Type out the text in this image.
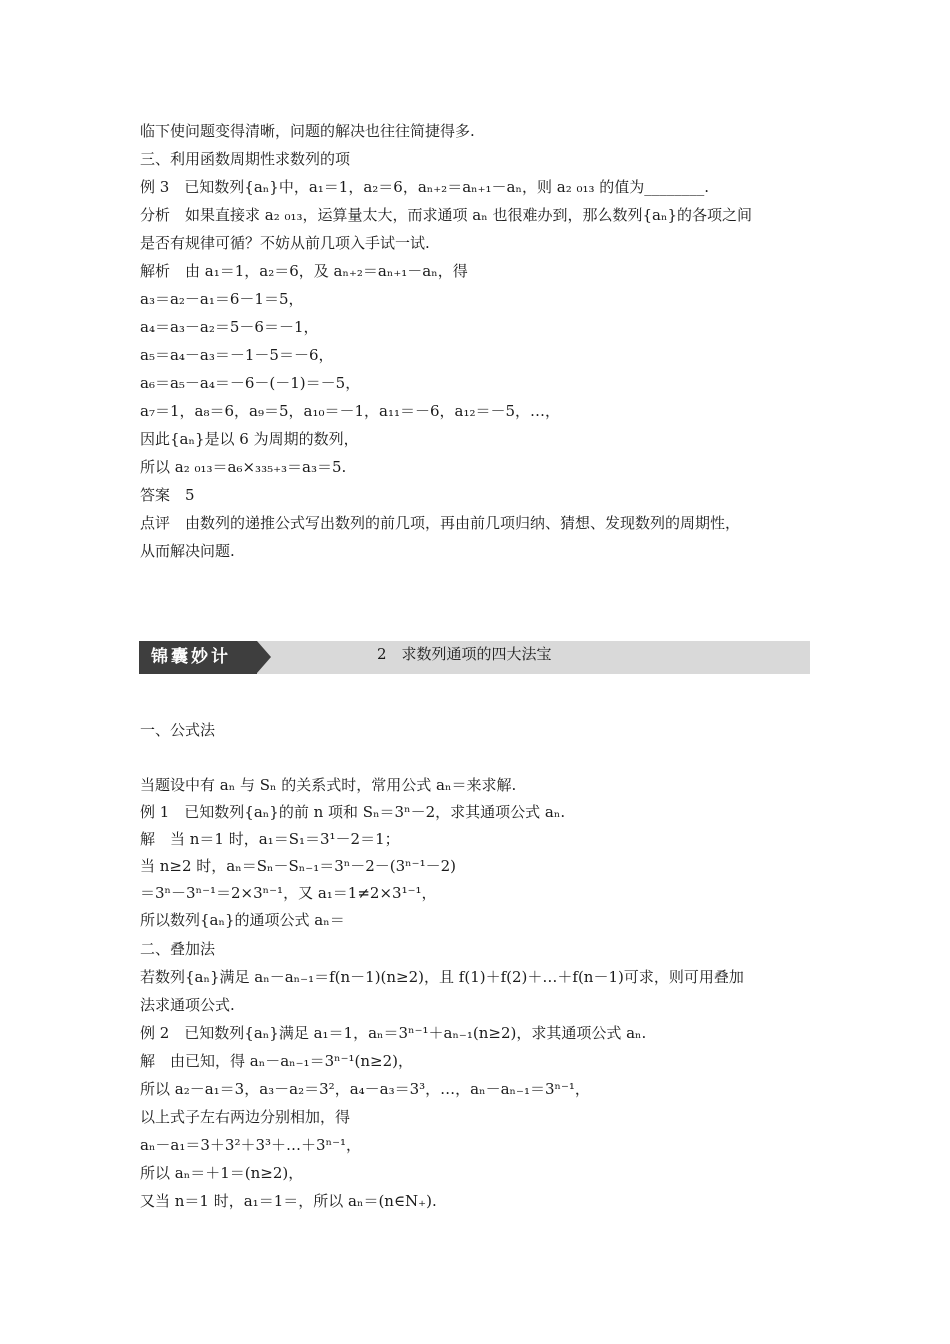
临下使问题变得清晰，问题的解决也往往简捷得多.
三、利用函数周期性求数列的项
例 3　已知数列{aₙ}中，a₁＝1，a₂＝6，aₙ₊₂＝aₙ₊₁－aₙ，则 a₂ ₀₁₃ 的值为________.
分析　如果直接求 a₂ ₀₁₃，运算量太大，而求通项 aₙ 也很难办到，那么数列{aₙ}的各项之间
是否有规律可循？不妨从前几项入手试一试.
解析　由 a₁＝1，a₂＝6，及 aₙ₊₂＝aₙ₊₁－aₙ，得
a₃＝a₂－a₁＝6－1＝5，
a₄＝a₃－a₂＝5－6＝－1，
a₅＝a₄－a₃＝－1－5＝－6，
a₆＝a₅－a₄＝－6－(－1)＝－5，
a₇＝1，a₈＝6，a₉＝5，a₁₀＝－1，a₁₁＝－6，a₁₂＝－5，…，
因此{aₙ}是以 6 为周期的数列，
所以 a₂ ₀₁₃＝a₆×₃₃₅₊₃＝a₃＝5.
答案　5
点评　由数列的递推公式写出数列的前几项，再由前几项归纳、猜想、发现数列的周期性，
从而解决问题.
锦囊妙计	2　求数列通项的四大法宝
一、公式法
当题设中有 aₙ 与 Sₙ 的关系式时，常用公式 aₙ＝来求解.
例 1　已知数列{aₙ}的前 n 项和 Sₙ＝3ⁿ－2，求其通项公式 aₙ.
解　当 n＝1 时，a₁＝S₁＝3¹－2＝1；
当 n≥2 时，aₙ＝Sₙ－Sₙ₋₁＝3ⁿ－2－(3ⁿ⁻¹－2)
＝3ⁿ－3ⁿ⁻¹＝2×3ⁿ⁻¹，又 a₁＝1≠2×3¹⁻¹，
所以数列{aₙ}的通项公式 aₙ＝
二、叠加法
若数列{aₙ}满足 aₙ－aₙ₋₁＝f(n－1)(n≥2)，且 f(1)＋f(2)＋…＋f(n－1)可求，则可用叠加
法求通项公式.
例 2　已知数列{aₙ}满足 a₁＝1，aₙ＝3ⁿ⁻¹＋aₙ₋₁(n≥2)，求其通项公式 aₙ.
解　由已知，得 aₙ－aₙ₋₁＝3ⁿ⁻¹(n≥2)，
所以 a₂－a₁＝3，a₃－a₂＝3²，a₄－a₃＝3³，…，aₙ－aₙ₋₁＝3ⁿ⁻¹，
以上式子左右两边分别相加，得
aₙ－a₁＝3＋3²＋3³＋…＋3ⁿ⁻¹，
所以 aₙ＝＋1＝(n≥2)，
又当 n＝1 时，a₁＝1＝，所以 aₙ＝(n∈N₊).
